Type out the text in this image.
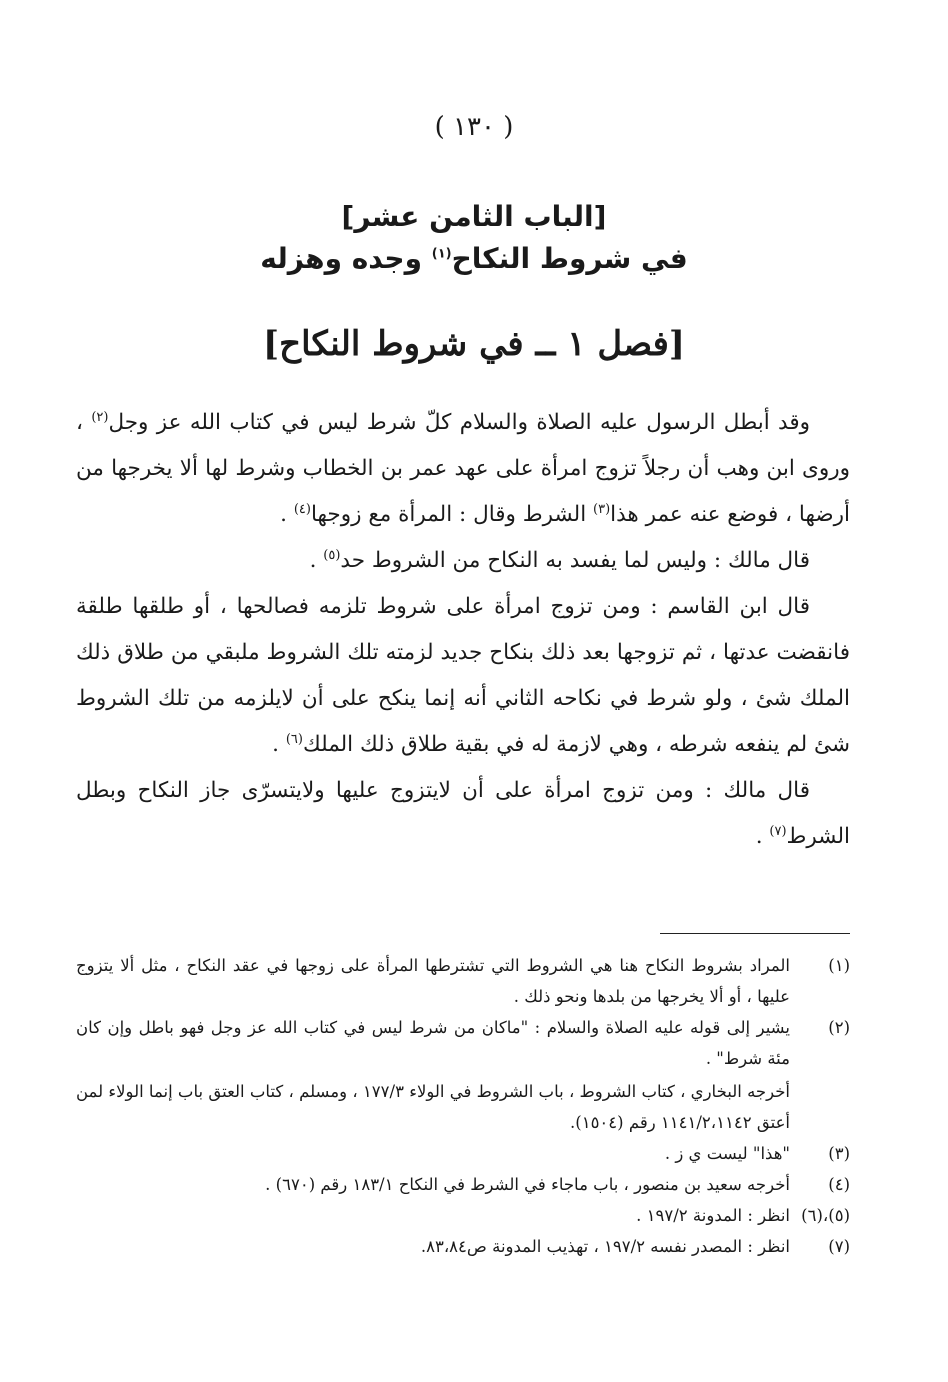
( ١٣٠ )
[الباب الثامن عشر]
في شروط النكاح$^{(١)}$ وجده وهزله
[فصل ١ ــ في شروط النكاح]

وقد أبطل الرسول عليه الصلاة والسلام كلّ شرط ليس في كتاب الله عز وجل$^{(٢)}$ ، وروى ابن وهب أن رجلاً تزوج امرأة على عهد عمر بن الخطاب وشرط لها ألا يخرجها من أرضها ، فوضع عنه عمر هذا$^{(٣)}$ الشرط وقال : المرأة مع زوجها$^{(٤)}$ .

قال مالك : وليس لما يفسد به النكاح من الشروط حد$^{(٥)}$ .

قال ابن القاسم : ومن تزوج امرأة على شروط تلزمه فصالحها ، أو طلقها طلقة فانقضت عدتها ، ثم تزوجها بعد ذلك بنكاح جديد لزمته تلك الشروط ملبقي من طلاق ذلك الملك شئ ، ولو شرط في نكاحه الثاني أنه إنما ينكح على أن لايلزمه من تلك الشروط شئ لم ينفعه شرطه ، وهي لازمة له في بقية طلاق ذلك الملك$^{(٦)}$ .

قال مالك : ومن تزوج امرأة على أن لايتزوج عليها ولايتسرّى جاز النكاح وبطل الشرط$^{(٧)}$ .

(١)
المراد بشروط النكاح هنا هي الشروط التي تشترطها المرأة على زوجها في عقد النكاح ، مثل ألا يتزوج عليها ، أو ألا يخرجها من بلدها ونحو ذلك .
(٢)
يشير إلى قوله عليه الصلاة والسلام : "ماكان من شرط ليس في كتاب الله عز وجل فهو باطل وإن كان مئة شرط" .
أخرجه البخاري ، كتاب الشروط ، باب الشروط في الولاء ١٧٧/٣ ، ومسلم ، كتاب العتق باب إنما الولاء لمن أعتق ١١٤١/٢،١١٤٢ رقم (١٥٠٤).
(٣)
"هذا" ليست ي ز .
(٤)
أخرجه سعيد بن منصور ، باب ماجاء في الشرط في النكاح ١٨٣/١ رقم (٦٧٠) .
(٥)،(٦)
انظر : المدونة ١٩٧/٢ .
(٧)
انظر : المصدر نفسه ١٩٧/٢ ، تهذيب المدونة ص٨٣،٨٤.
